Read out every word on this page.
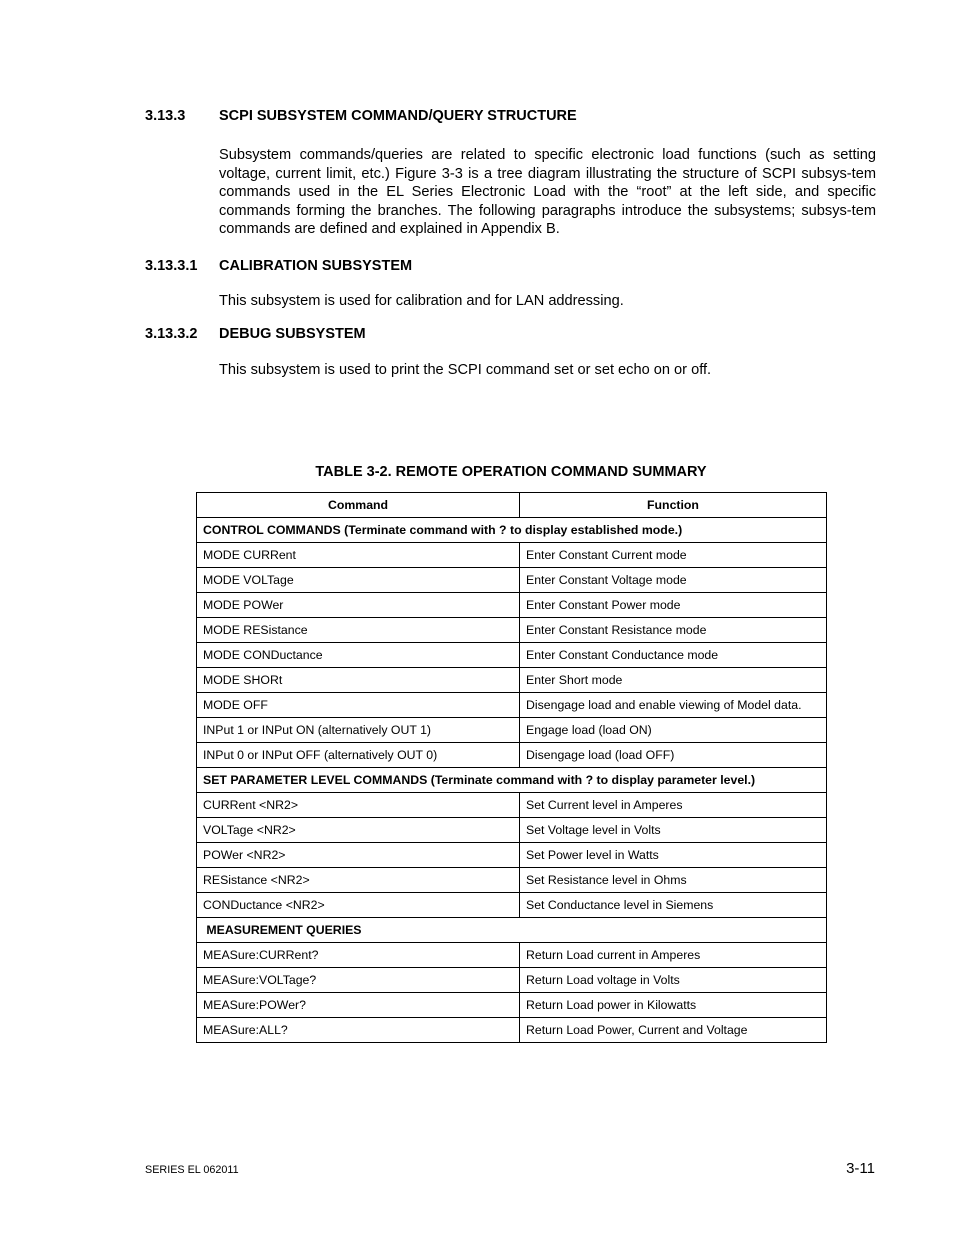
3.13.3 SCPI SUBSYSTEM COMMAND/QUERY STRUCTURE
Subsystem commands/queries are related to specific electronic load functions (such as setting voltage, current limit, etc.) Figure 3-3 is a tree diagram illustrating the structure of SCPI subsys-tem commands used in the EL Series Electronic Load with the “root” at the left side, and specific commands forming the branches. The following paragraphs introduce the subsystems; subsys-tem commands are defined and explained in Appendix B.
3.13.3.1 CALIBRATION SUBSYSTEM
This subsystem is used for calibration and for LAN addressing.
3.13.3.2 DEBUG SUBSYSTEM
This subsystem is used to print the SCPI command set or set echo on or off.
TABLE 3-2. REMOTE OPERATION COMMAND SUMMARY
Command	Function
CONTROL COMMANDS (Terminate command with ? to display established mode.)	
MODE CURRent	Enter Constant Current mode
MODE VOLTage	Enter Constant Voltage mode
MODE POWer	Enter Constant Power mode
MODE RESistance	Enter Constant Resistance mode
MODE CONDuctance	Enter Constant Conductance mode
MODE SHORt	Enter Short mode
MODE OFF	Disengage load and enable viewing of Model data.
INPut 1 or INPut ON (alternatively OUT 1)	Engage load (load ON)
INPut 0 or INPut OFF (alternatively OUT 0)	Disengage load (load OFF)
SET PARAMETER LEVEL COMMANDS (Terminate command with ? to display parameter level.)	
CURRent <NR2>	Set Current level in Amperes
VOLTage <NR2>	Set Voltage level in Volts
POWer <NR2>	Set Power level in Watts
RESistance <NR2>	Set Resistance level in Ohms
CONDuctance <NR2>	Set Conductance level in Siemens
MEASUREMENT QUERIES	
MEASure:CURRent?	Return Load current in Amperes
MEASure:VOLTage?	Return Load voltage in Volts
MEASure:POWer?	Return Load power in Kilowatts
MEASure:ALL?	Return Load Power, Current and Voltage
SERIES EL 062011	3-11
